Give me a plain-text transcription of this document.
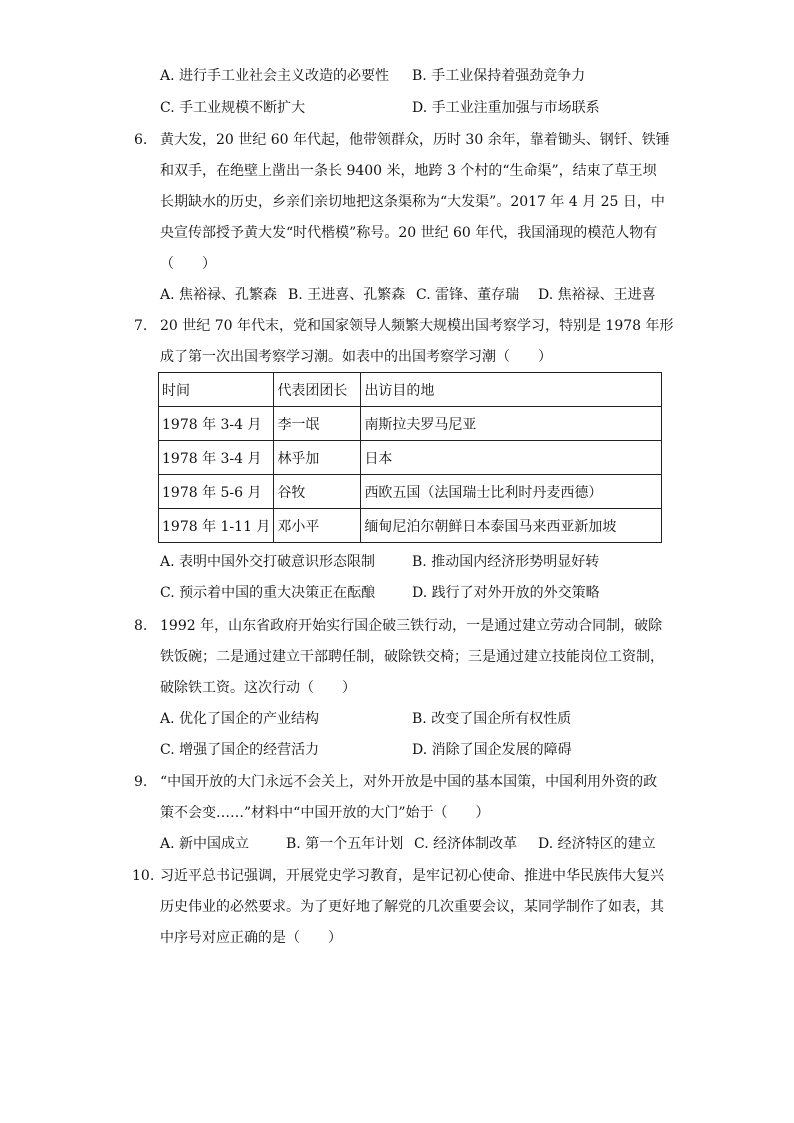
A. 进行手工业社会主义改造的必要性 B. 手工业保持着强劲竞争力
C. 手工业规模不断扩大	D. 手工业注重加强与市场联系
6. 黄大发，20 世纪 60 年代起，他带领群众，历时 30 余年，靠着锄头、钢钎、铁锤
和双手，在绝壁上凿出一条长 9400 米，地跨 3 个村的“生命渠”，结束了草王坝
长期缺水的历史，乡亲们亲切地把这条渠称为“大发渠”。2017 年 4 月 25 日，中
央宣传部授予黄大发“时代楷模”称号。20 世纪 60 年代，我国涌现的模范人物有
（　　）
A. 焦裕禄、孔繁森 B. 王进喜、孔繁森 C. 雷锋、董存瑞 D. 焦裕禄、王进喜
7. 20 世纪 70 年代末，党和国家领导人频繁大规模出国考察学习，特别是 1978 年形
成了第一次出国考察学习潮。如表中的出国考察学习潮（　　）
时间	代表团团长	出访目的地
1978 年 3-4 月	李一氓	南斯拉夫罗马尼亚
1978 年 3-4 月	林乎加	日本
1978 年 5-6 月	谷牧	西欧五国（法国瑞士比利时丹麦西德）
1978 年 1-11 月	邓小平	缅甸尼泊尔朝鲜日本泰国马来西亚新加坡
A. 表明中国外交打破意识形态限制	B. 推动国内经济形势明显好转
C. 预示着中国的重大决策正在酝酿	D. 践行了对外开放的外交策略
8. 1992 年，山东省政府开始实行国企破三铁行动，一是通过建立劳动合同制，破除
铁饭碗；二是通过建立干部聘任制，破除铁交椅；三是通过建立技能岗位工资制，
破除铁工资。这次行动（　　）
A. 优化了国企的产业结构	B. 改变了国企所有权性质
C. 增强了国企的经营活力	D. 消除了国企发展的障碍
9. “中国开放的大门永远不会关上，对外开放是中国的基本国策，中国利用外资的政
策不会变……”材料中“中国开放的大门”始于（　　）
A. 新中国成立	B. 第一个五年计划 C. 经济体制改革 D. 经济特区的建立
10. 习近平总书记强调，开展党史学习教育，是牢记初心使命、推进中华民族伟大复兴
历史伟业的必然要求。为了更好地了解党的几次重要会议，某同学制作了如表，其
中序号对应正确的是（　　）
